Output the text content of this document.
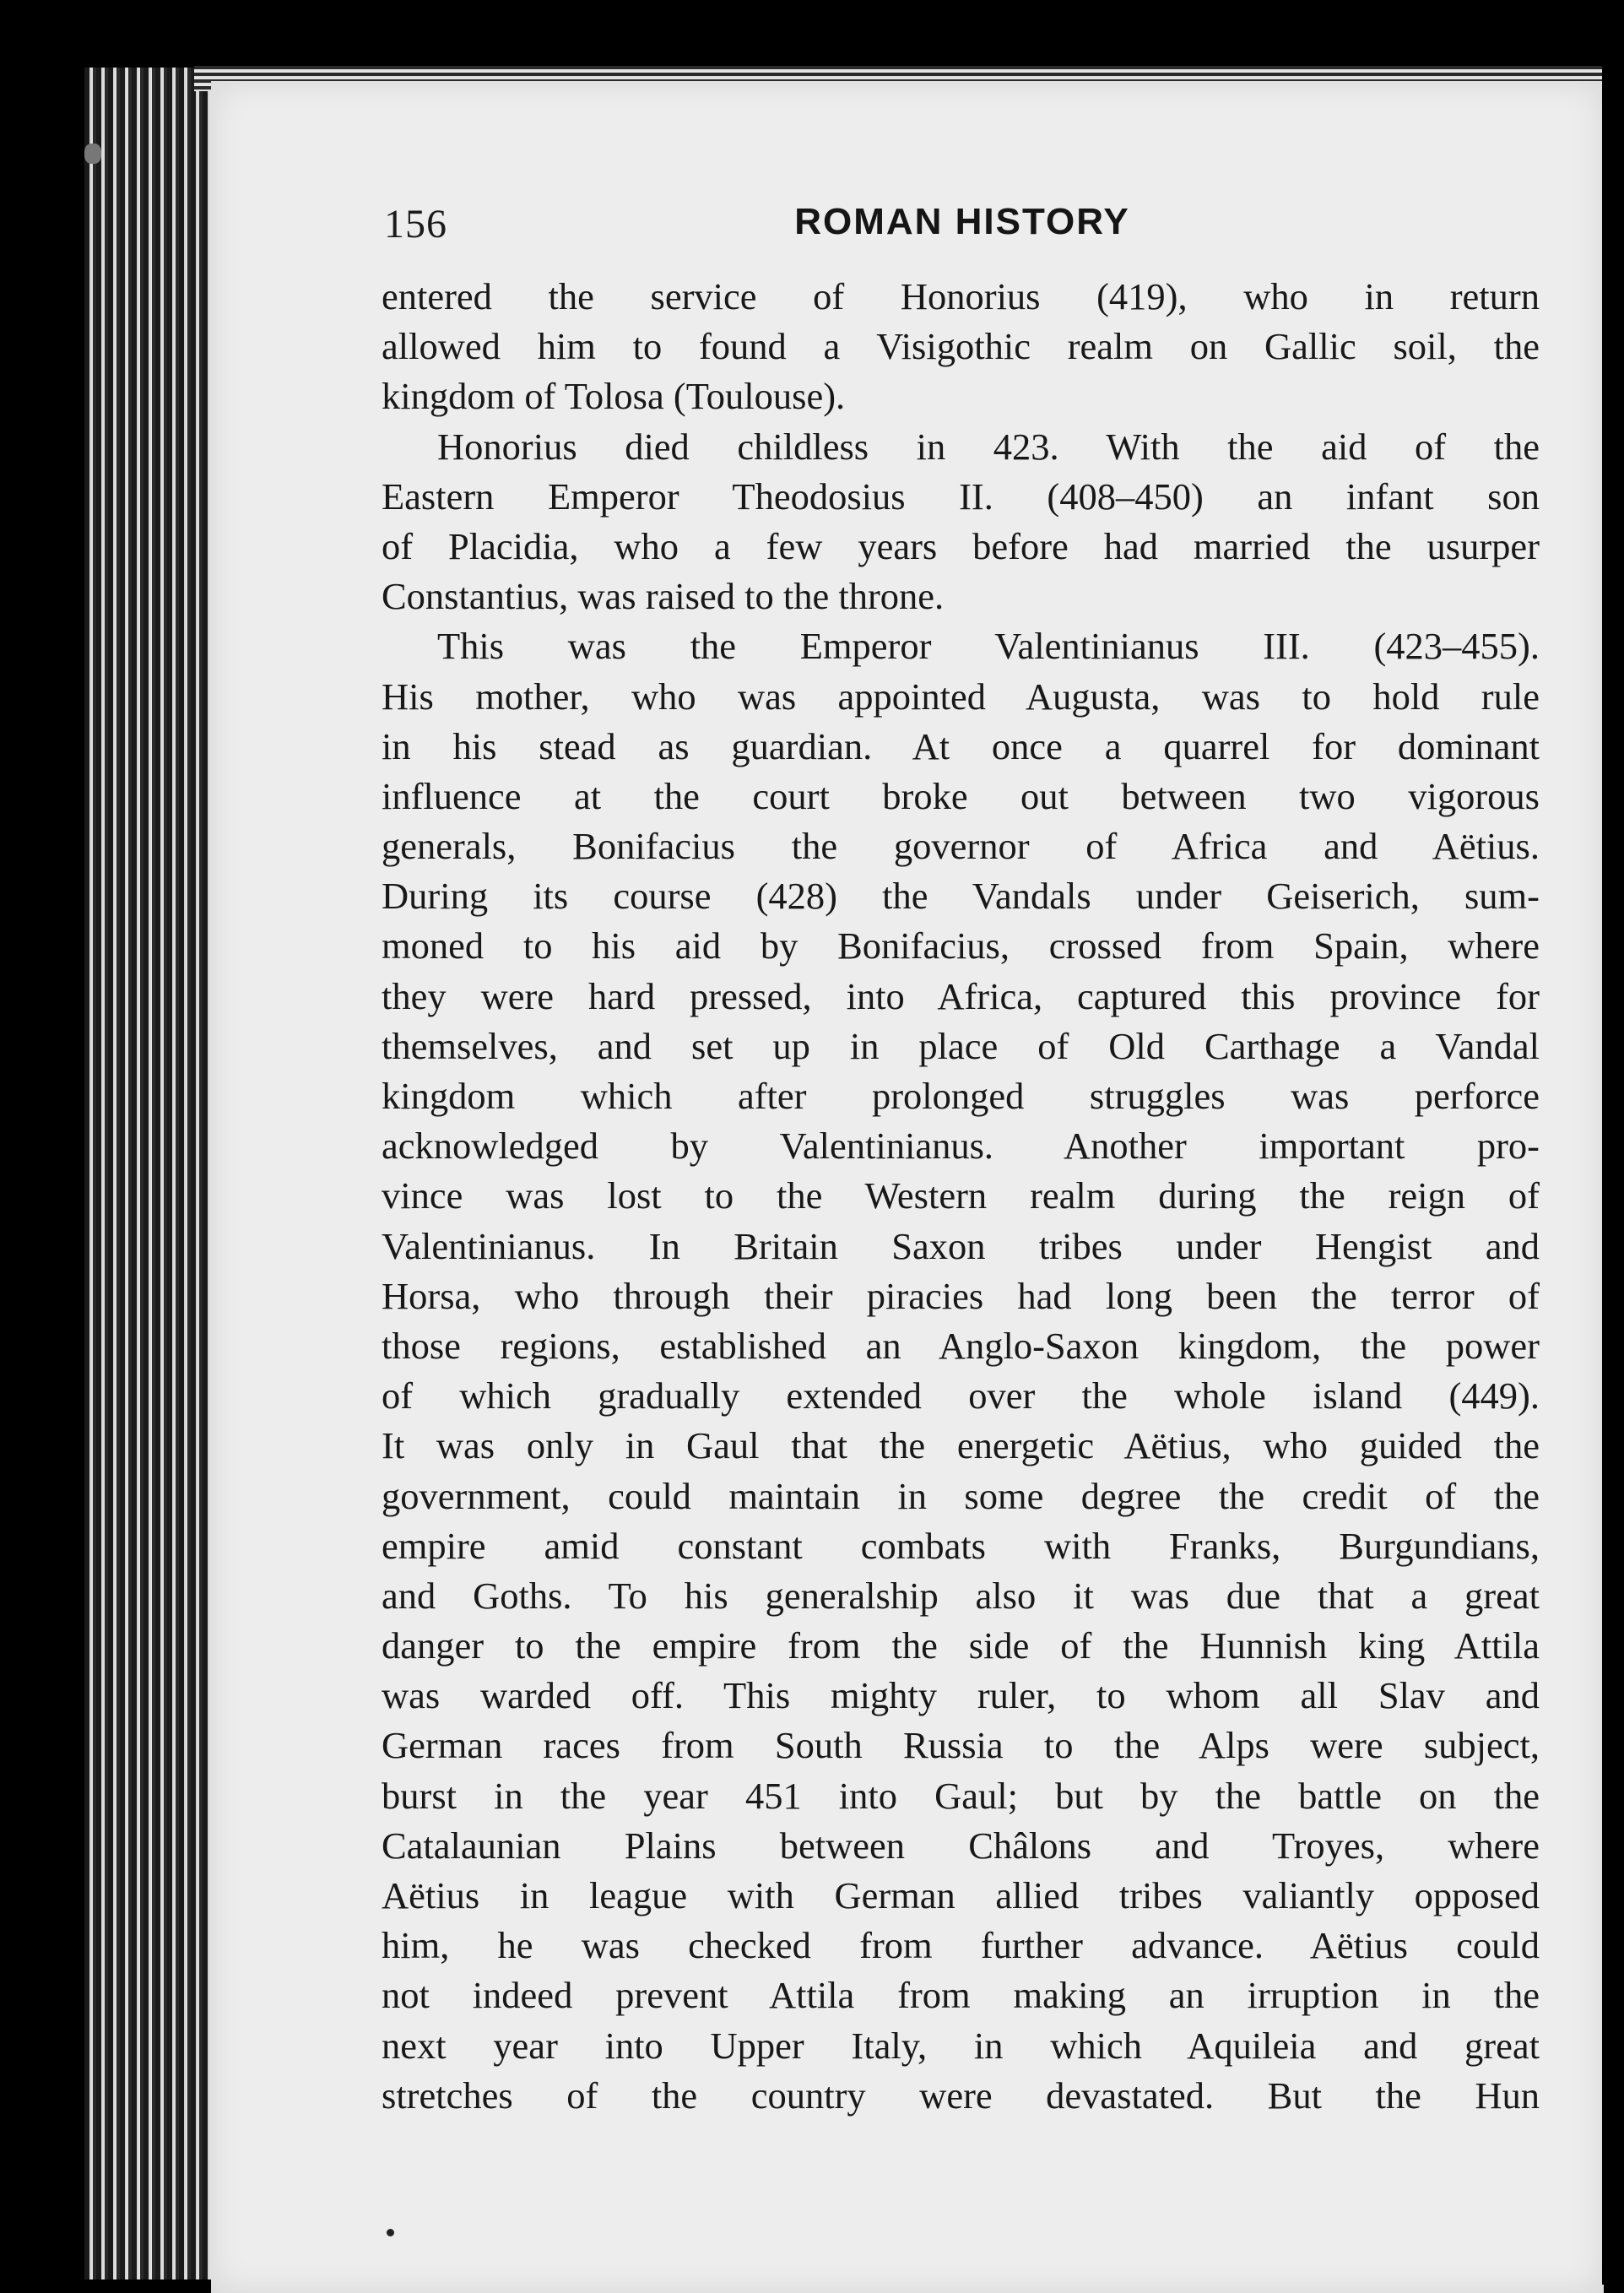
156	ROMAN HISTORY
entered the service of Honorius (419), who in return
allowed him to found a Visigothic realm on Gallic soil, the
kingdom of Tolosa (Toulouse).
Honorius died childless in 423. With the aid of the
Eastern Emperor Theodosius II. (408–450) an infant son
of Placidia, who a few years before had married the usurper
Constantius, was raised to the throne.
This was the Emperor Valentinianus III. (423–455).
His mother, who was appointed Augusta, was to hold rule
in his stead as guardian. At once a quarrel for dominant
influence at the court broke out between two vigorous
generals, Bonifacius the governor of Africa and Aëtius.
During its course (428) the Vandals under Geiserich, sum-
moned to his aid by Bonifacius, crossed from Spain, where
they were hard pressed, into Africa, captured this province for
themselves, and set up in place of Old Carthage a Vandal
kingdom which after prolonged struggles was perforce
acknowledged by Valentinianus. Another important pro-
vince was lost to the Western realm during the reign of
Valentinianus. In Britain Saxon tribes under Hengist and
Horsa, who through their piracies had long been the terror of
those regions, established an Anglo-Saxon kingdom, the power
of which gradually extended over the whole island (449).
It was only in Gaul that the energetic Aëtius, who guided the
government, could maintain in some degree the credit of the
empire amid constant combats with Franks, Burgundians,
and Goths. To his generalship also it was due that a great
danger to the empire from the side of the Hunnish king Attila
was warded off. This mighty ruler, to whom all Slav and
German races from South Russia to the Alps were subject,
burst in the year 451 into Gaul; but by the battle on the
Catalaunian Plains between Châlons and Troyes, where
Aëtius in league with German allied tribes valiantly opposed
him, he was checked from further advance. Aëtius could
not indeed prevent Attila from making an irruption in the
next year into Upper Italy, in which Aquileia and great
stretches of the country were devastated. But the Hun
